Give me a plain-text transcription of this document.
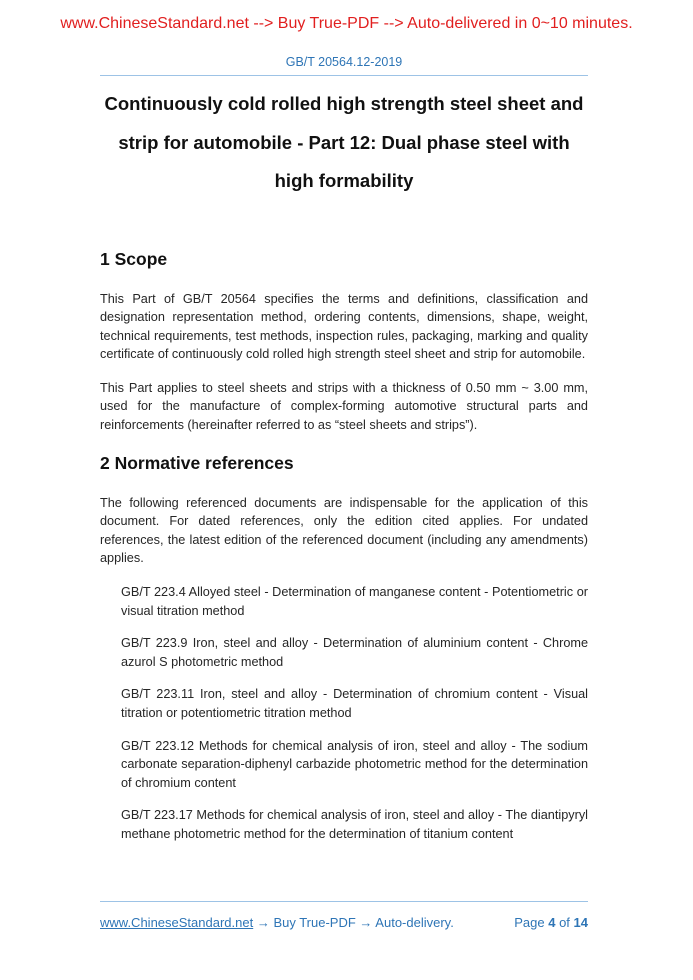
www.ChineseStandard.net --> Buy True-PDF --> Auto-delivered in 0~10 minutes.
GB/T 20564.12-2019
Continuously cold rolled high strength steel sheet and
strip for automobile - Part 12: Dual phase steel with
high formability
1 Scope

This Part of GB/T 20564 specifies the terms and definitions, classification and designation representation method, ordering contents, dimensions, shape, weight, technical requirements, test methods, inspection rules, packaging, marking and quality certificate of continuously cold rolled high strength steel sheet and strip for automobile.

This Part applies to steel sheets and strips with a thickness of 0.50 mm ~ 3.00 mm, used for the manufacture of complex-forming automotive structural parts and reinforcements (hereinafter referred to as “steel sheets and strips”).

2 Normative references

The following referenced documents are indispensable for the application of this document. For dated references, only the edition cited applies. For undated references, the latest edition of the referenced document (including any amendments) applies.

GB/T 223.4 Alloyed steel - Determination of manganese content - Potentiometric or visual titration method

GB/T 223.9 Iron, steel and alloy - Determination of aluminium content - Chrome azurol S photometric method

GB/T 223.11 Iron, steel and alloy - Determination of chromium content - Visual titration or potentiometric titration method

GB/T 223.12 Methods for chemical analysis of iron, steel and alloy - The sodium carbonate separation-diphenyl carbazide photometric method for the determination of chromium content

GB/T 223.17 Methods for chemical analysis of iron, steel and alloy - The diantipyryl methane photometric method for the determination of titanium content

www.ChineseStandard.net → Buy True-PDF → Auto-delivery.	Page 4 of 14
